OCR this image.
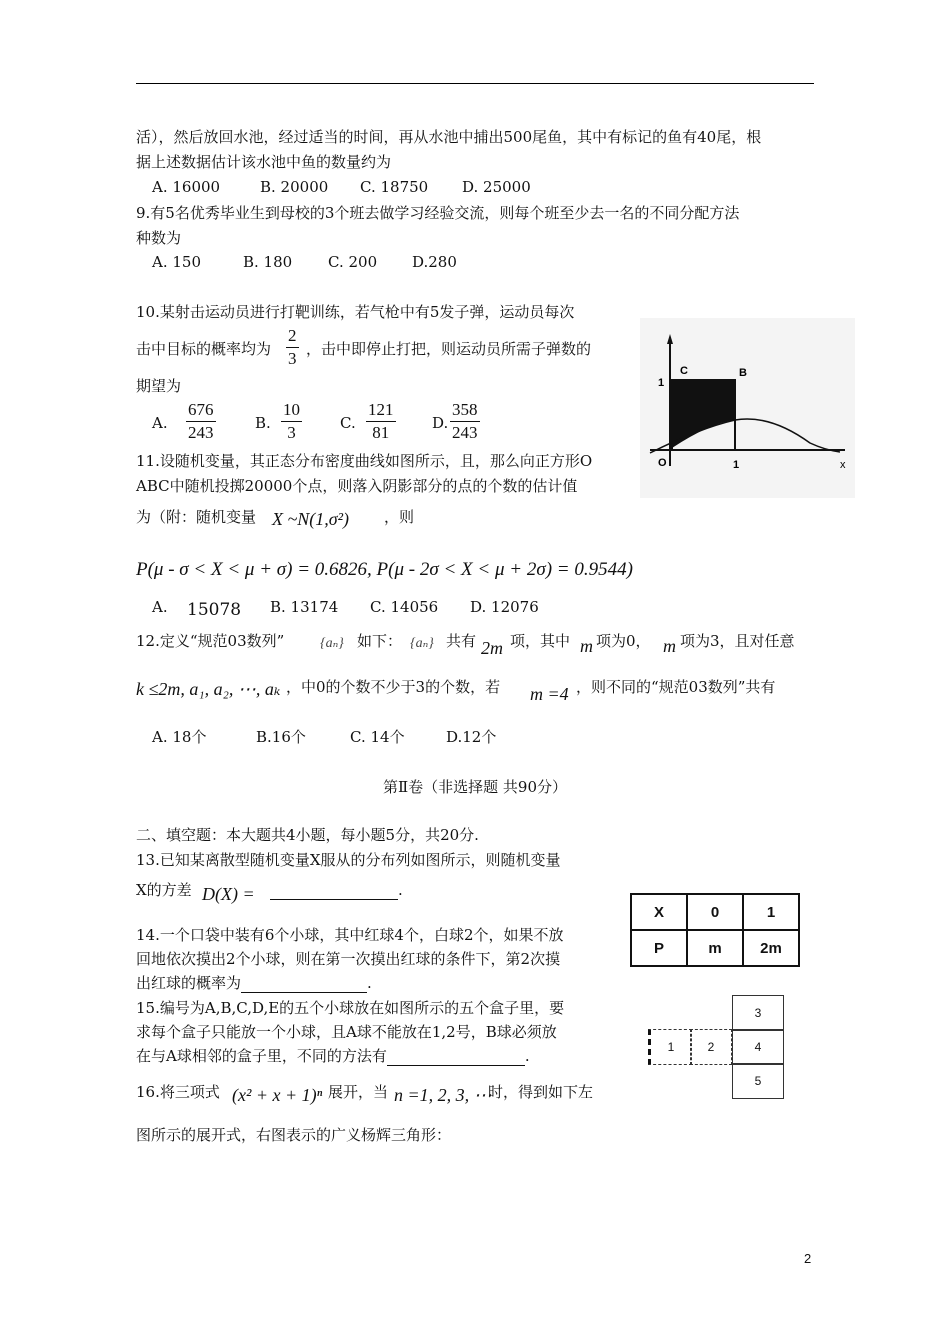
活），然后放回水池，经过适当的时间，再从水池中捕出500尾鱼，其中有标记的鱼有40尾，根
据上述数据估计该水池中鱼的数量约为
A. 16000	B. 20000 C. 18750 D. 25000
9.有5名优秀毕业生到母校的3个班去做学习经验交流，则每个班至少去一名的不同分配方法
种数为
A. 150	B. 180 C. 200 D.280
10.某射击运动员进行打靶训练，若气枪中有5发子弹，运动员每次
击中目标的概率均为 $\frac{2}{3}$ ，击中即停止打把，则运动员所需子弹数的
期望为
A. $\frac{676}{243}$	B. $\frac{10}{3}$	C. $\frac{121}{81} D$. $\frac{358}{243}$
C	B
1
O	1	x
11.设随机变量，其正态分布密度曲线如图所示，且，那么向正方形O
ABC中随机投掷20000个点，则落入阴影部分的点的个数的估计值
为（附：随机变量 X ~N(1,σ²) ，则
P(μ - σ < X < μ + σ) = 0.6826, P(μ - 2σ < X < μ + 2σ) = 0.9544)
A. 15078 B. 13174 C. 14056 D. 12076
12.定义“规范03数列”	{aₙ} 如下： {aₙ} 共有 2m 项，其中 m 项为0， m 项为3，且对任意
k ≤2m, a₁, a₂, ⋯, aₖ ，中0的个数不少于3的个数，若 m =4 ，则不同的“规范03数列”共有
A. 18个	B.16个	C. 14个	D.12个
第Ⅱ卷（非选择题 共90分）
二、填空题：本大题共4小题，每小题5分，共20分.
13.已知某离散型随机变量X服从的分布列如图所示，则随机变量
X的方差 D(X) =	.
X	0	1
P	m	2m
14.一个口袋中装有6个小球，其中红球4个，白球2个，如果不放
回地依次摸出2个小球，则在第一次摸出红球的条件下，第2次摸
出红球的概率为	.
15.编号为A,B,C,D,E的五个小球放在如图所示的五个盒子里，要
求每个盒子只能放一个小球，且A球不能放在1,2号，B球必须放
在与A球相邻的盒子里，不同的方法有	.
3
1	2	4
5
16.将三项式 (x² + x + 1)ⁿ 展开，当 n =1, 2, 3, ⋯
时，得到如下左
图所示的展开式，右图表示的广义杨辉三角形：
2
